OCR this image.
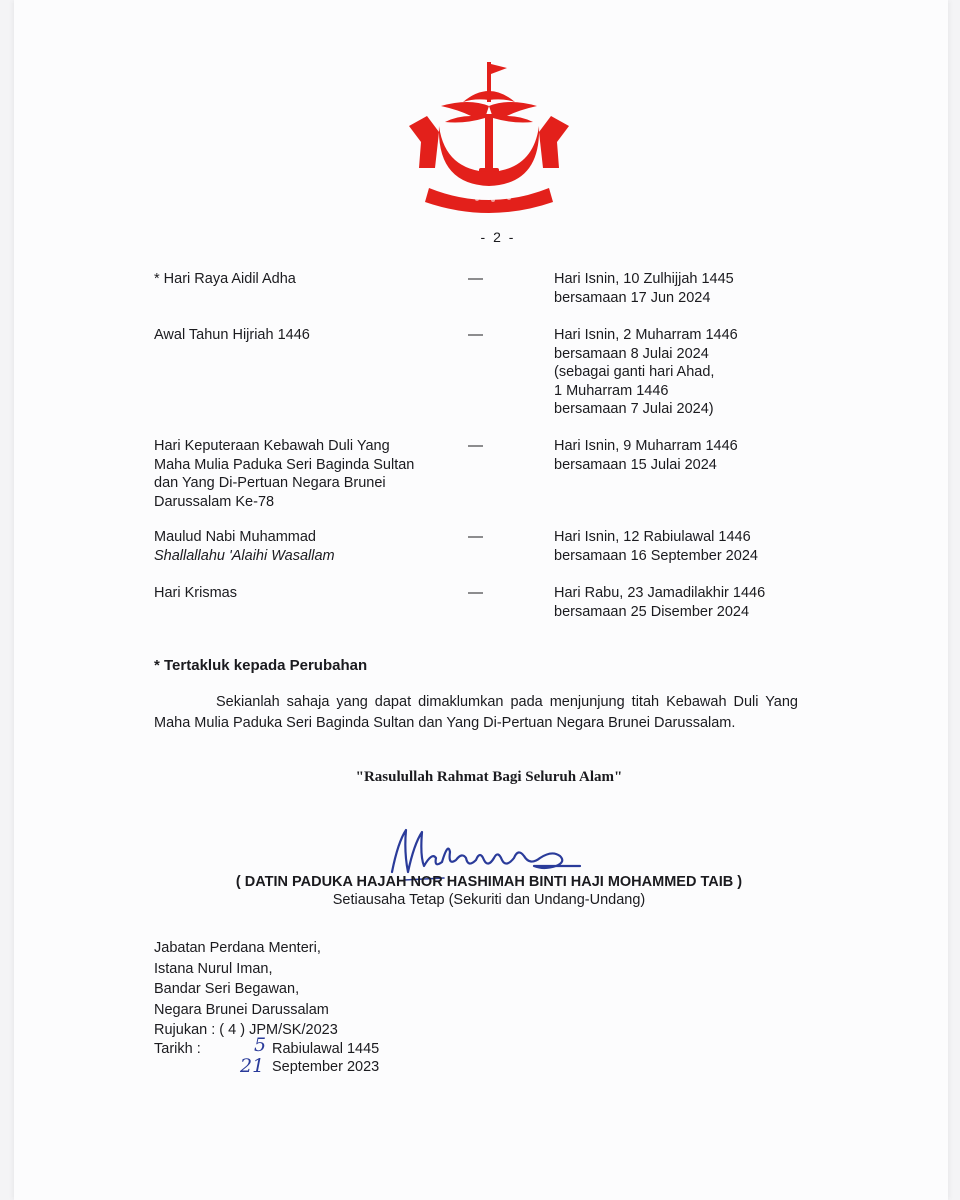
- 2 -
* Hari Raya Aidil Adha	—	Hari Isnin, 10 Zulhijjah 1445
bersamaan 17 Jun 2024
Awal Tahun Hijriah 1446	—	Hari Isnin, 2 Muharram 1446
bersamaan 8 Julai 2024
(sebagai ganti hari Ahad,
1 Muharram 1446
bersamaan 7 Julai 2024)
Hari Keputeraan Kebawah Duli Yang
Maha Mulia Paduka Seri Baginda Sultan
dan Yang Di-Pertuan Negara Brunei
Darussalam Ke-78
—	Hari Isnin, 9 Muharram 1446
bersamaan 15 Julai 2024
Maulud Nabi Muhammad
Shallallahu 'Alaihi Wasallam
—	Hari Isnin, 12 Rabiulawal 1446
bersamaan 16 September 2024
Hari Krismas	—	Hari Rabu, 23 Jamadilakhir 1446
bersamaan 25 Disember 2024
* Tertakluk kepada Perubahan
Sekianlah sahaja yang dapat dimaklumkan pada menjunjung titah Kebawah Duli Yang Maha Mulia Paduka Seri Baginda Sultan dan Yang Di-Pertuan Negara Brunei Darussalam.
"Rasulullah Rahmat Bagi Seluruh Alam"
( DATIN PADUKA HAJAH NOR HASHIMAH BINTI HAJI MOHAMMED TAIB )
Setiausaha Tetap (Sekuriti dan Undang-Undang)
Jabatan Perdana Menteri,
Istana Nurul Iman,
Bandar Seri Begawan,
Negara Brunei Darussalam
Rujukan : ( 4 ) JPM/SK/2023
Tarikh :	5 Rabiulawal 1445
21 September 2023
